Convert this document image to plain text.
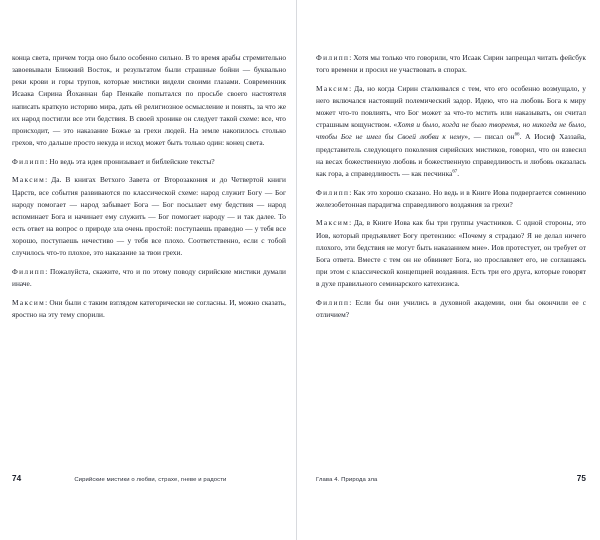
конца света, причем тогда оно было особенно сильно. В то время арабы стремительно завоевывали Ближний Восток, и результатом были страшные бойни — буквально реки крови и горы трупов, которые мистики видели своими глазами. Современник Исаака Сирина Йоханнан бар Пенкайе попытался по просьбе своего настоятеля написать краткую историю мира, дать ей религиозное осмысление и понять, за что же их народ постигли все эти бедствия. В своей хронике он следует такой схеме: все, что происходит, — это наказание Божье за грехи людей. На земле накопилось столько грехов, что дальше просто некуда и исход может быть только один: конец света.

Филипп: Но ведь эта идея пронизывает и библейские тексты?

Максим: Да. В книгах Ветхого Завета от Второзакония и до Четвертой книги Царств, все события развиваются по классической схеме: народ служит Богу — Бог народу помогает — народ забывает Бога — Бог посылает ему бедствия — народ вспоминает Бога и начинает ему служить — Бог помогает народу — и так далее. То есть ответ на вопрос о природе зла очень простой: поступаешь праведно — у тебя все хорошо, поступаешь нечестиво — у тебя все плохо. Соответственно, если с тобой случилось что-то плохое, это наказание за твои грехи.

Филипп: Пожалуйста, скажите, что и по этому поводу сирийские мистики думали иначе.

Максим: Они были с таким взглядом категорически не согласны. И, можно сказать, яростно на эту тему спорили.

74	Сирийские мистики о любви, страхе, гневе и радости

Филипп: Хотя мы только что говорили, что Исаак Сирин запрещал читать фейсбук того времени и просил не участвовать в спорах.

Максим: Да, но когда Сирин сталкивался с тем, что его особенно возмущало, у него включался настоящий полемический задор. Идею, что на любовь Бога к миру может что-то повлиять, что Бог может за что-то мстить или наказывать, он считал страшным кощунством. «Хотя и было, когда не было творенья, но никогда не было, чтобы Бог не имел бы Своей любви к нему», — писал он$^{66}$. А Иосиф Хаззайа, представитель следующего поколения сирийских мистиков, говорил, что он взвесил на весах божественную любовь и божественную справедливость и любовь оказалась как гора, а справедливость — как песчинка$^{67}$.

Филипп: Как это хорошо сказано. Но ведь и в Книге Иова подвергается сомнению железобетонная парадигма справедливого воздаяния за грехи?

Максим: Да, в Книге Иова как бы три группы участников. С одной стороны, это Иов, который предъявляет Богу претензию: «Почему я страдаю? Я не делал ничего плохого, эти бедствия не могут быть наказанием мне». Иов протестует, он требует от Бога ответа. Вместе с тем он не обвиняет Бога, но прославляет его, не соглашаясь при этом с классической концепцией воздаяния. Есть три его друга, которые говорят в духе правильного семинарского катехизиса.

Филипп: Если бы они учились в духовной академии, они бы окончили ее с отличием?

Глава 4. Природа зла	75
